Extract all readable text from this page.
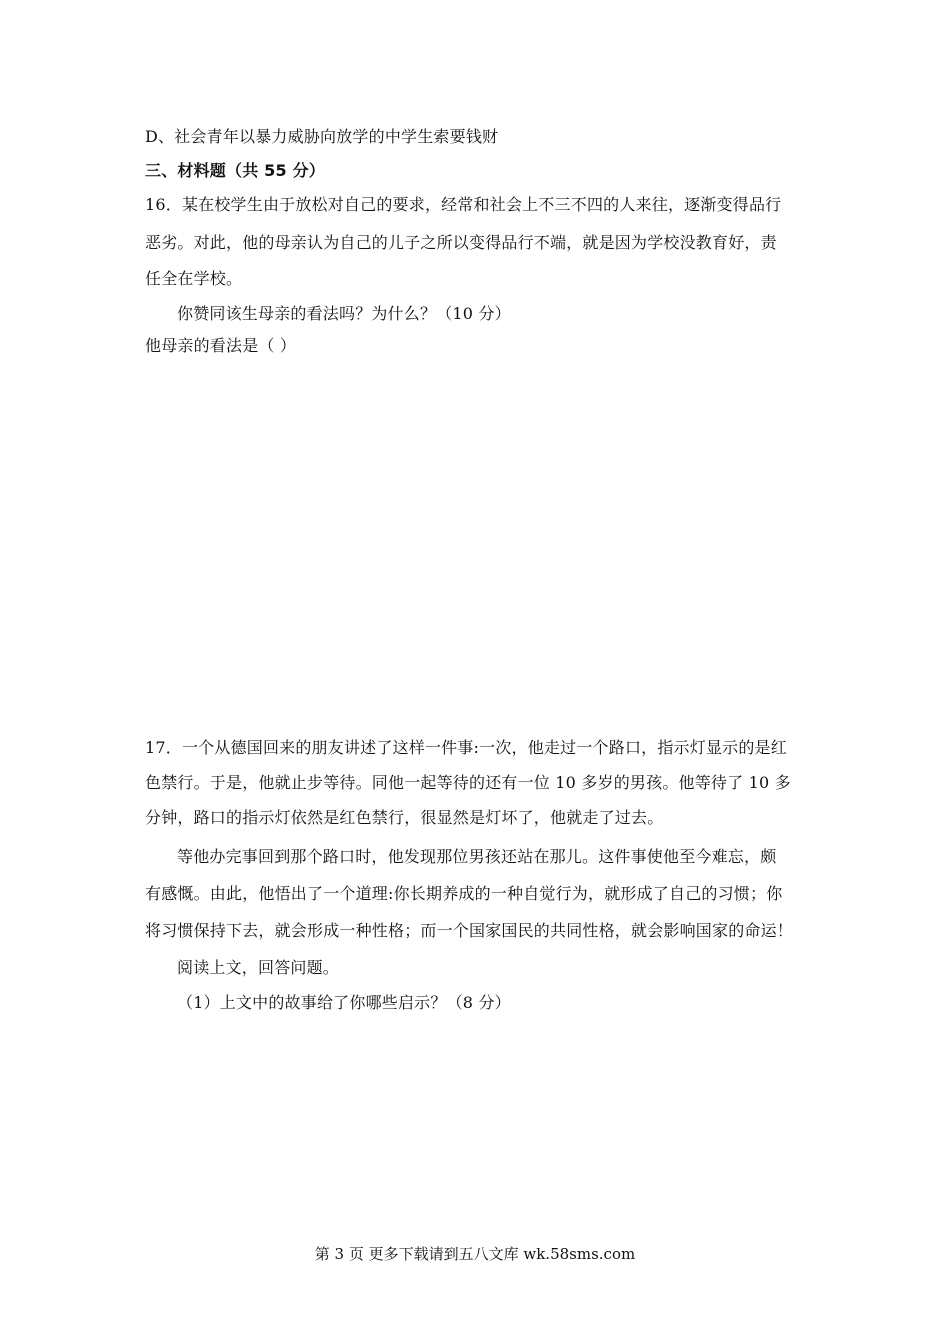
D、社会青年以暴力威胁向放学的中学生索要钱财
三、材料题（共 55 分）
16．某在校学生由于放松对自己的要求，经常和社会上不三不四的人来往，逐渐变得品行
恶劣。对此，他的母亲认为自己的儿子之所以变得品行不端，就是因为学校没教育好，责
任全在学校。
你赞同该生母亲的看法吗？为什么？（10 分）
他母亲的看法是（ ）
17．一个从德国回来的朋友讲述了这样一件事:一次，他走过一个路口，指示灯显示的是红
色禁行。于是，他就止步等待。同他一起等待的还有一位 10 多岁的男孩。他等待了 10 多
分钟，路口的指示灯依然是红色禁行，很显然是灯坏了，他就走了过去。
等他办完事回到那个路口时，他发现那位男孩还站在那儿。这件事使他至今难忘，颇
有感慨。由此，他悟出了一个道理:你长期养成的一种自觉行为，就形成了自己的习惯；你
将习惯保持下去，就会形成一种性格；而一个国家国民的共同性格，就会影响国家的命运！
阅读上文，回答问题。
（1）上文中的故事给了你哪些启示？（8 分）
第 3 页 更多下载请到五八文库 wk.58sms.com
